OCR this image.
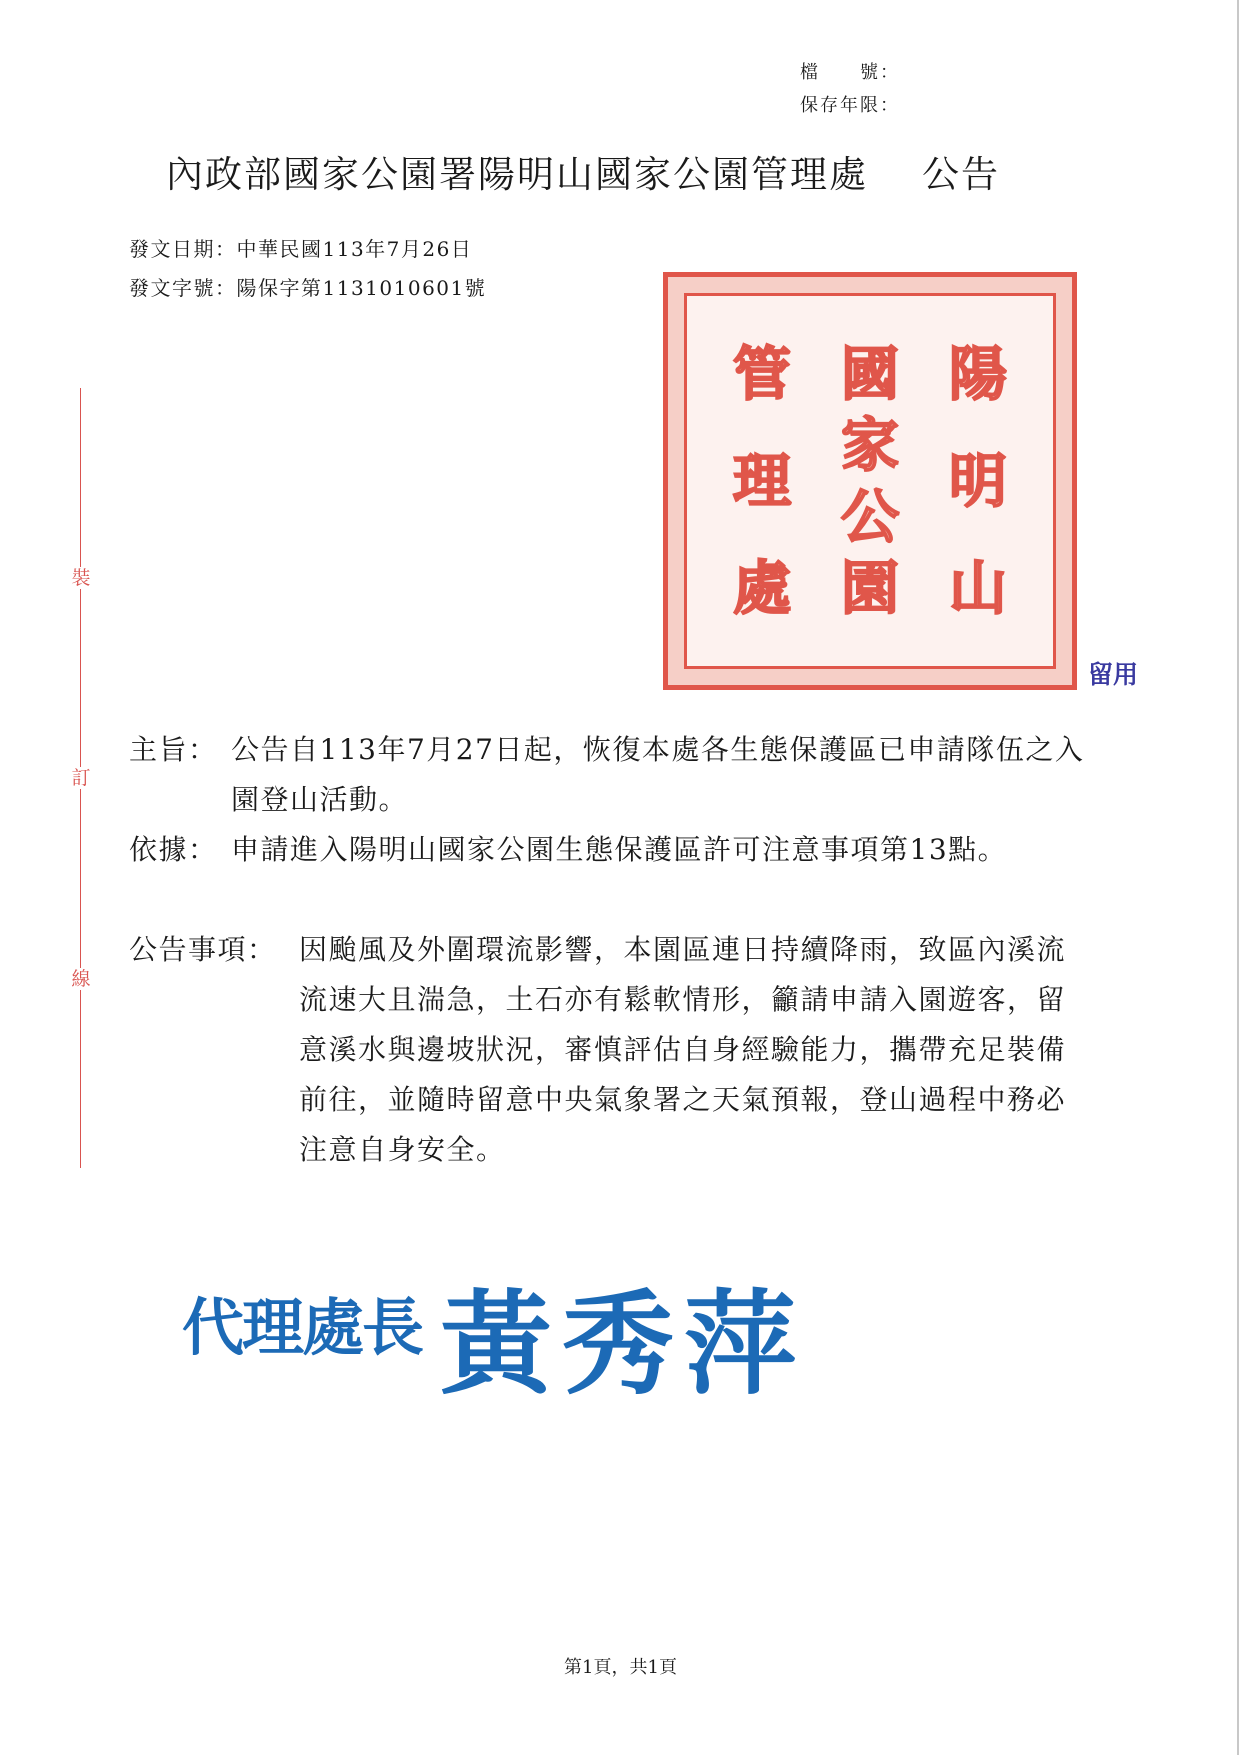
檔　　號：
保存年限：
內政部國家公園署陽明山國家公園管理處 公告
發文日期：中華民國113年7月26日
發文字號：陽保字第1131010601號
裝
訂
線
陽
明
山
國
家
公
園
管
理
處
留用
主旨： 公告自113年7月27日起，恢復本處各生態保護區已申請隊伍之入園登山活動。

依據： 申請進入陽明山國家公園生態保護區許可注意事項第13點。

公告事項： 因颱風及外圍環流影響，本園區連日持續降雨，致區內溪流流速大且湍急，土石亦有鬆軟情形，籲請申請入園遊客，留意溪水與邊坡狀況，審慎評估自身經驗能力，攜帶充足裝備前往，並隨時留意中央氣象署之天氣預報，登山過程中務必注意自身安全。

代理處長 黃秀萍
第1頁，共1頁
